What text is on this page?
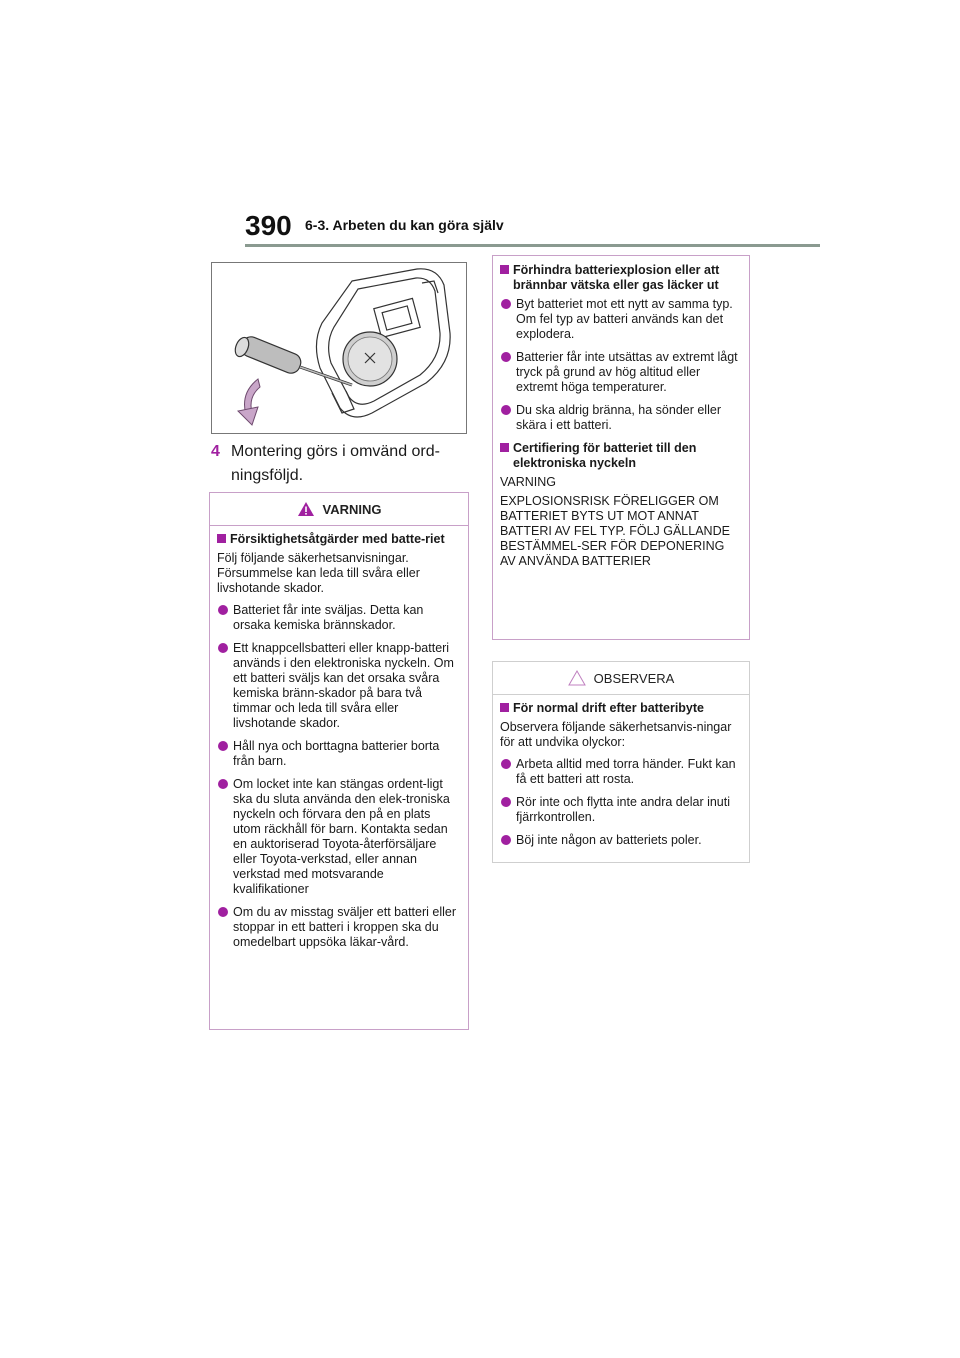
390 6-3. Arbeten du kan göra själv
4 Montering görs i omvänd ord-ningsföljd.
VARNING
Försiktighetsåtgärder med batte-riet

Följ följande säkerhetsanvisningar. Försummelse kan leda till svåra eller livshotande skador.

Batteriet får inte sväljas. Detta kan orsaka kemiska brännskador.
Ett knappcellsbatteri eller knapp-batteri används i den elektroniska nyckeln. Om ett batteri sväljs kan det orsaka svåra kemiska bränn-skador på bara två timmar och leda till svåra eller livshotande skador.
Håll nya och borttagna batterier borta från barn.
Om locket inte kan stängas ordent-ligt ska du sluta använda den elek-troniska nyckeln och förvara den på en plats utom räckhåll för barn. Kontakta sedan en auktoriserad Toyota-återförsäljare eller Toyota-verkstad, eller annan verkstad med motsvarande kvalifikationer
Om du av misstag sväljer ett batteri eller stoppar in ett batteri i kroppen ska du omedelbart uppsöka läkar-vård.
Förhindra batteriexplosion eller att brännbar vätska eller gas läcker ut
Byt batteriet mot ett nytt av samma typ. Om fel typ av batteri används kan det explodera.
Batterier får inte utsättas av extremt lågt tryck på grund av hög altitud eller extremt höga temperaturer.
Du ska aldrig bränna, ha sönder eller skära i ett batteri.
Certifiering för batteriet till den elektroniska nyckeln

VARNING

EXPLOSIONSRISK FÖRELIGGER OM BATTERIET BYTS UT MOT ANNAT BATTERI AV FEL TYP. FÖLJ GÄLLANDE BESTÄMMEL-SER FÖR DEPONERING AV ANVÄNDA BATTERIER

OBSERVERA
För normal drift efter batteribyte

Observera följande säkerhetsanvis-ningar för att undvika olyckor:

Arbeta alltid med torra händer. Fukt kan få ett batteri att rosta.
Rör inte och flytta inte andra delar inuti fjärrkontrollen.
Böj inte någon av batteriets poler.
